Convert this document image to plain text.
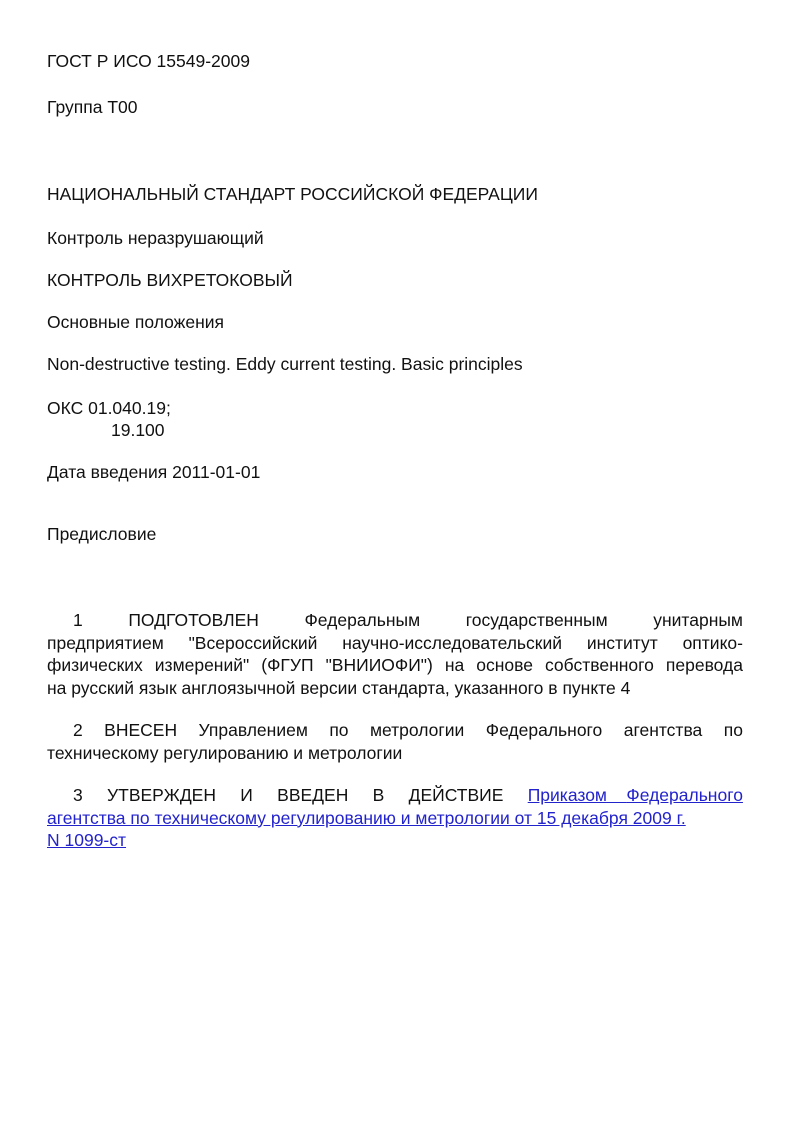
ГОСТ Р ИСО 15549-2009
Группа Т00
НАЦИОНАЛЬНЫЙ СТАНДАРТ РОССИЙСКОЙ ФЕДЕРАЦИИ
Контроль неразрушающий
КОНТРОЛЬ ВИХРЕТОКОВЫЙ
Основные положения
Non-destructive testing. Eddy current testing. Basic principles
ОКС 01.040.19;
19.100
Дата введения 2011-01-01
Предисловие
1	ПОДГОТОВЛЕН	Федеральным	государственным	унитарным
предприятием "Всероссийский научно-исследовательский институт оптико-
физических измерений" (ФГУП "ВНИИОФИ") на основе собственного перевода
на русский язык англоязычной версии стандарта, указанного в пункте 4
2 ВНЕСЕН Управлением по метрологии Федерального агентства по
техническому регулированию и метрологии
3 УТВЕРЖДЕН И ВВЕДЕН В ДЕЙСТВИЕ Приказом Федерального
агентства по техническому регулированию и метрологии от 15 декабря 2009 г.
N 1099-ст
